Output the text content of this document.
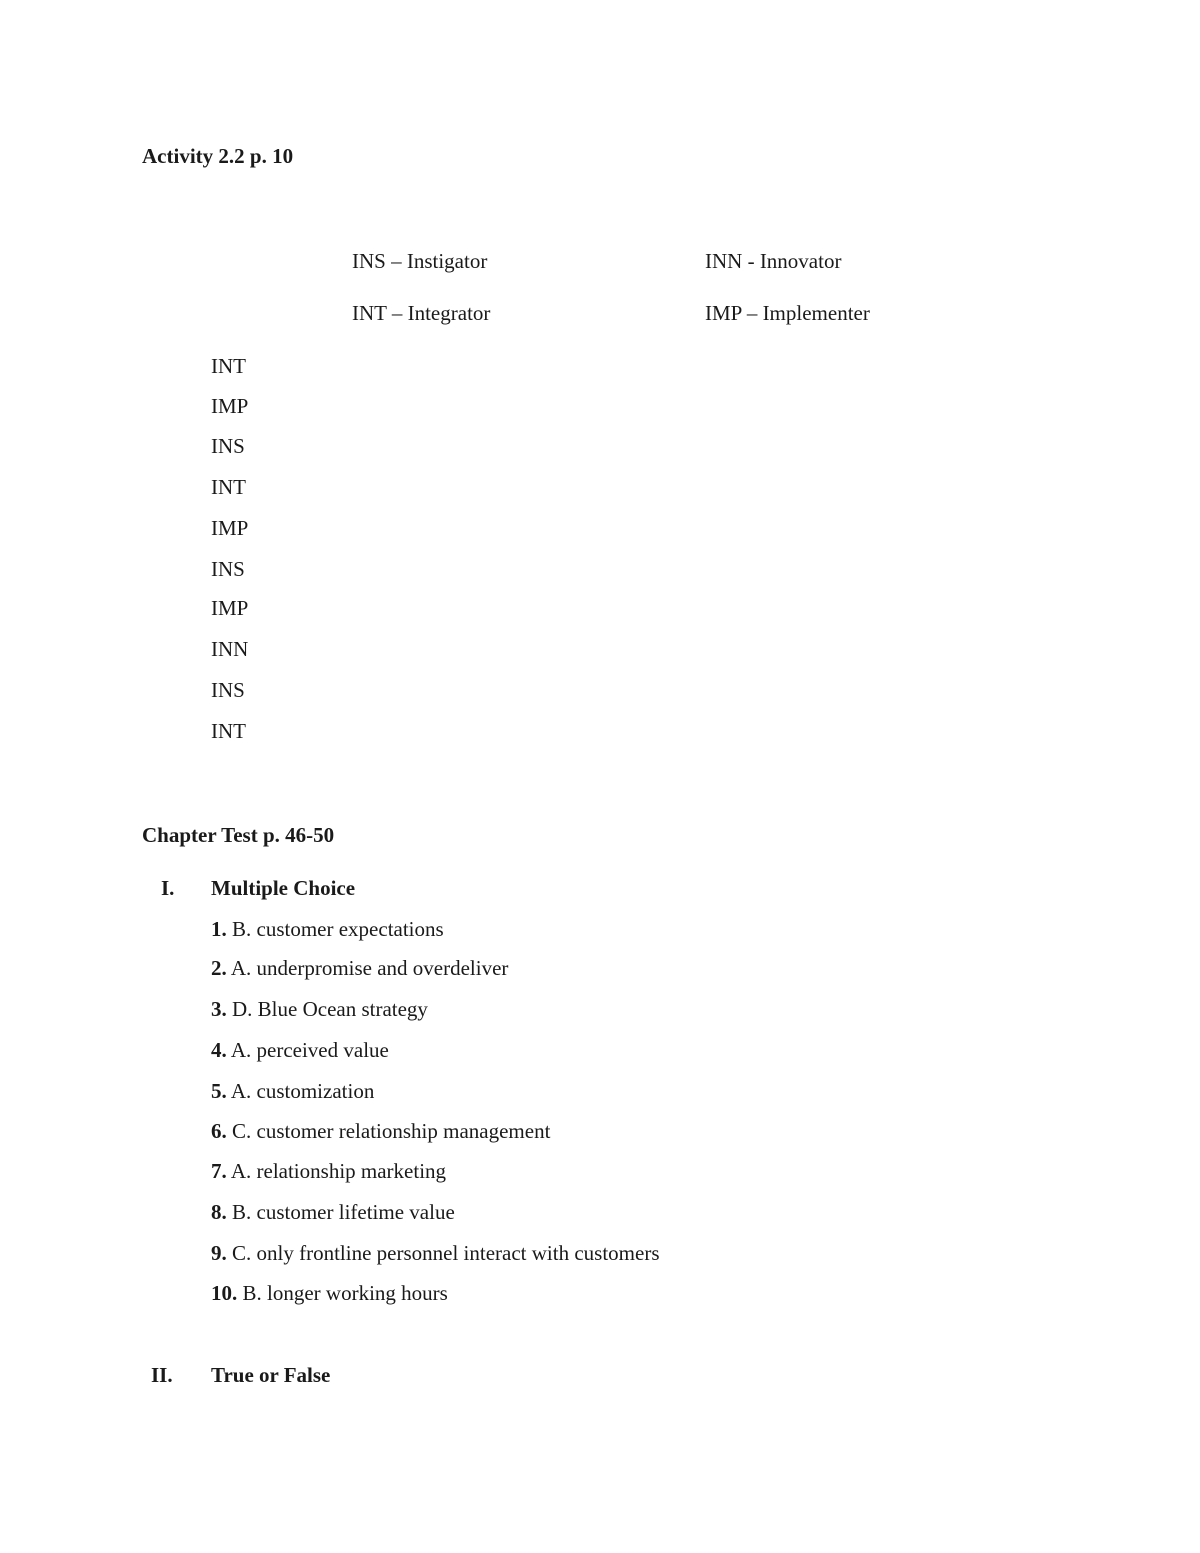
Activity 2.2 p. 10
INS – Instigator	INN - Innovator
INT – Integrator	IMP – Implementer
INT
IMP
INS
INT
IMP
INS
IMP
INN
INS
INT
Chapter Test p. 46-50
I. Multiple Choice
1. B. customer expectations
2. A. underpromise and overdeliver
3. D. Blue Ocean strategy
4. A. perceived value
5. A. customization
6. C. customer relationship management
7. A. relationship marketing
8. B. customer lifetime value
9. C. only frontline personnel interact with customers
10. B. longer working hours
II. True or False
